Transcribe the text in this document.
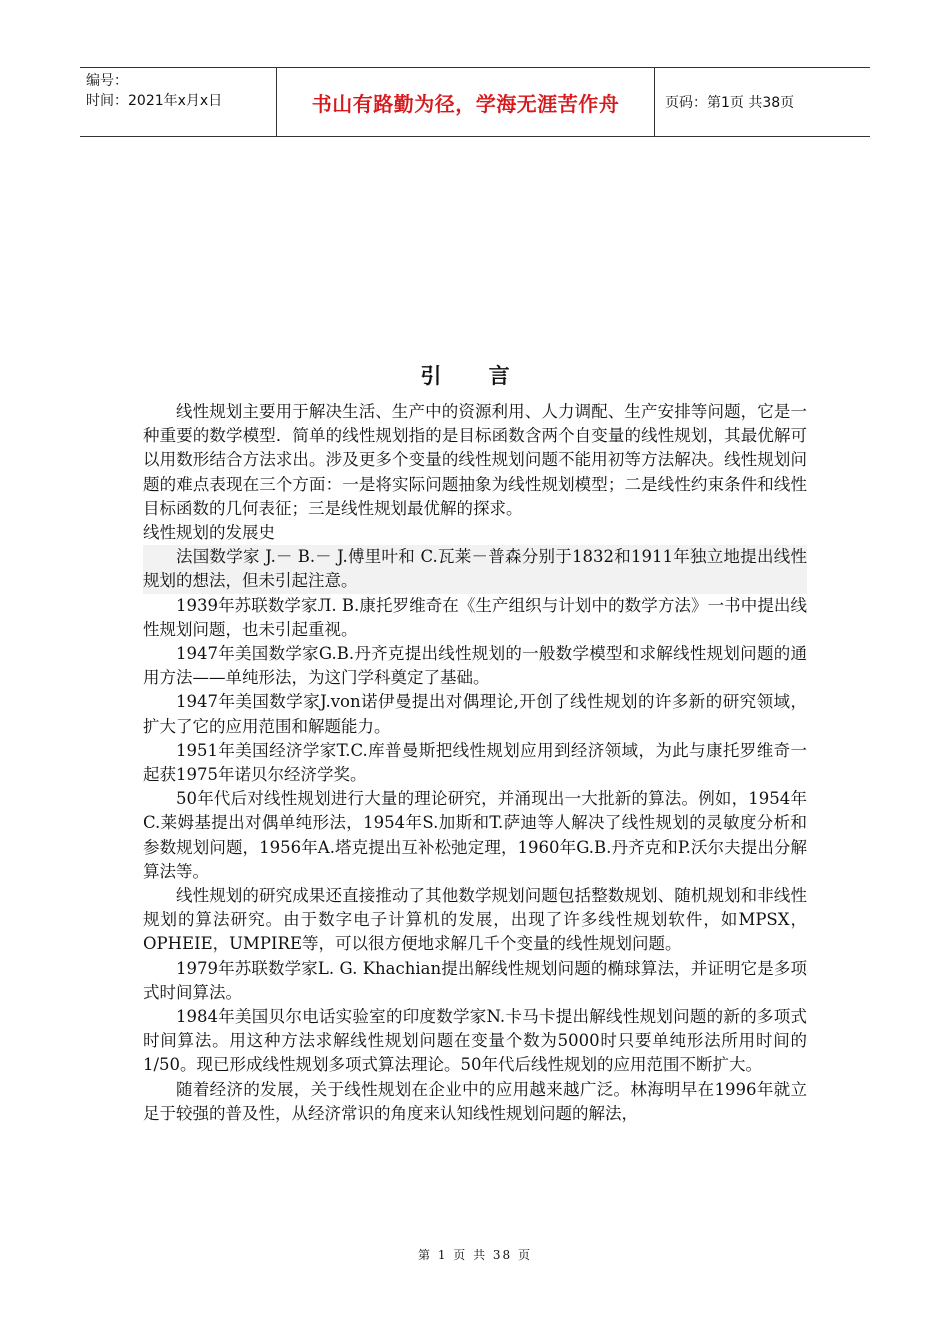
编号：
时间：2021年x月x日	书山有路勤为径，学海无涯苦作舟	页码：第1页 共38页
引 言

线性规划主要用于解决生活、生产中的资源利用、人力调配、生产安排等问题，它是一种重要的数学模型．简单的线性规划指的是目标函数含两个自变量的线性规划，其最优解可以用数形结合方法求出。涉及更多个变量的线性规划问题不能用初等方法解决。线性规划问题的难点表现在三个方面：一是将实际问题抽象为线性规划模型；二是线性约束条件和线性目标函数的几何表征；三是线性规划最优解的探求。

线性规划的发展史

法国数学家 J.－ B.－ J.傅里叶和 C.瓦莱－普森分别于1832和1911年独立地提出线性规划的想法，但未引起注意。

1939年苏联数学家Л. В.康托罗维奇在《生产组织与计划中的数学方法》一书中提出线性规划问题，也未引起重视。

1947年美国数学家G.B.丹齐克提出线性规划的一般数学模型和求解线性规划问题的通用方法——单纯形法，为这门学科奠定了基础。

1947年美国数学家J.von诺伊曼提出对偶理论,开创了线性规划的许多新的研究领域，扩大了它的应用范围和解题能力。

1951年美国经济学家T.C.库普曼斯把线性规划应用到经济领域，为此与康托罗维奇一起获1975年诺贝尔经济学奖。

50年代后对线性规划进行大量的理论研究，并涌现出一大批新的算法。例如，1954年C.莱姆基提出对偶单纯形法，1954年S.加斯和T.萨迪等人解决了线性规划的灵敏度分析和参数规划问题，1956年A.塔克提出互补松弛定理，1960年G.B.丹齐克和P.沃尔夫提出分解算法等。

线性规划的研究成果还直接推动了其他数学规划问题包括整数规划、随机规划和非线性规划的算法研究。由于数字电子计算机的发展，出现了许多线性规划软件，如MPSX，OPHEIE，UMPIRE等，可以很方便地求解几千个变量的线性规划问题。

1979年苏联数学家L. G. Khachian提出解线性规划问题的椭球算法，并证明它是多项式时间算法。

1984年美国贝尔电话实验室的印度数学家N.卡马卡提出解线性规划问题的新的多项式时间算法。用这种方法求解线性规划问题在变量个数为5000时只要单纯形法所用时间的1/50。现已形成线性规划多项式算法理论。50年代后线性规划的应用范围不断扩大。

随着经济的发展，关于线性规划在企业中的应用越来越广泛。林海明早在1996年就立足于较强的普及性，从经济常识的角度来认知线性规划问题的解法，

第 1 页 共 38 页
